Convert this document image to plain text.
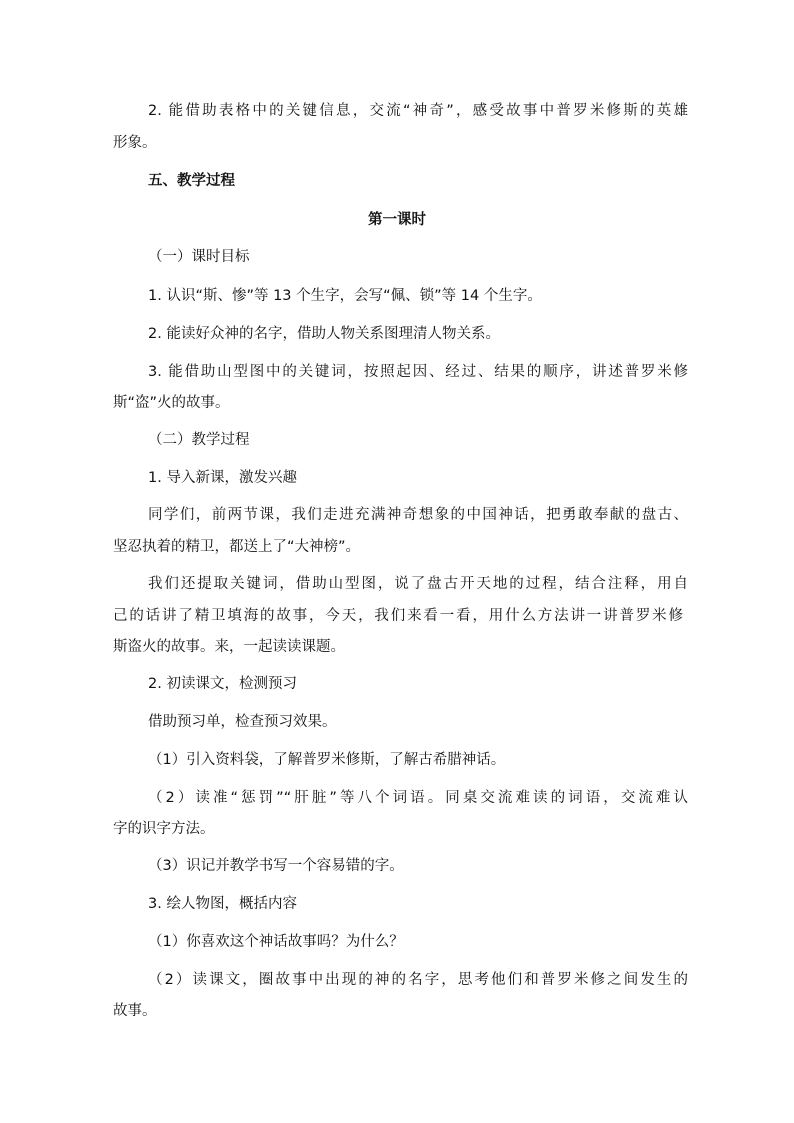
2. 能借助表格中的关键信息，交流“神奇”，感受故事中普罗米修斯的英雄
形象。
五、教学过程
第一课时
（一）课时目标
1. 认识“斯、惨”等 13 个生字，会写“佩、锁”等 14 个生字。
2. 能读好众神的名字，借助人物关系图理清人物关系。
3. 能借助山型图中的关键词，按照起因、经过、结果的顺序，讲述普罗米修
斯“盗”火的故事。
（二）教学过程
1. 导入新课，激发兴趣
同学们，前两节课，我们走进充满神奇想象的中国神话，把勇敢奉献的盘古、
坚忍执着的精卫，都送上了“大神榜”。
我们还提取关键词，借助山型图，说了盘古开天地的过程，结合注释，用自
己的话讲了精卫填海的故事，今天，我们来看一看，用什么方法讲一讲普罗米修
斯盗火的故事。来，一起读读课题。
2. 初读课文，检测预习
借助预习单，检查预习效果。
（1）引入资料袋，了解普罗米修斯，了解古希腊神话。
（2）读准“惩罚”“肝脏”等八个词语。同桌交流难读的词语，交流难认
字的识字方法。
（3）识记并教学书写一个容易错的字。
3. 绘人物图，概括内容
（1）你喜欢这个神话故事吗？为什么？
（2）读课文，圈故事中出现的神的名字，思考他们和普罗米修之间发生的
故事。
